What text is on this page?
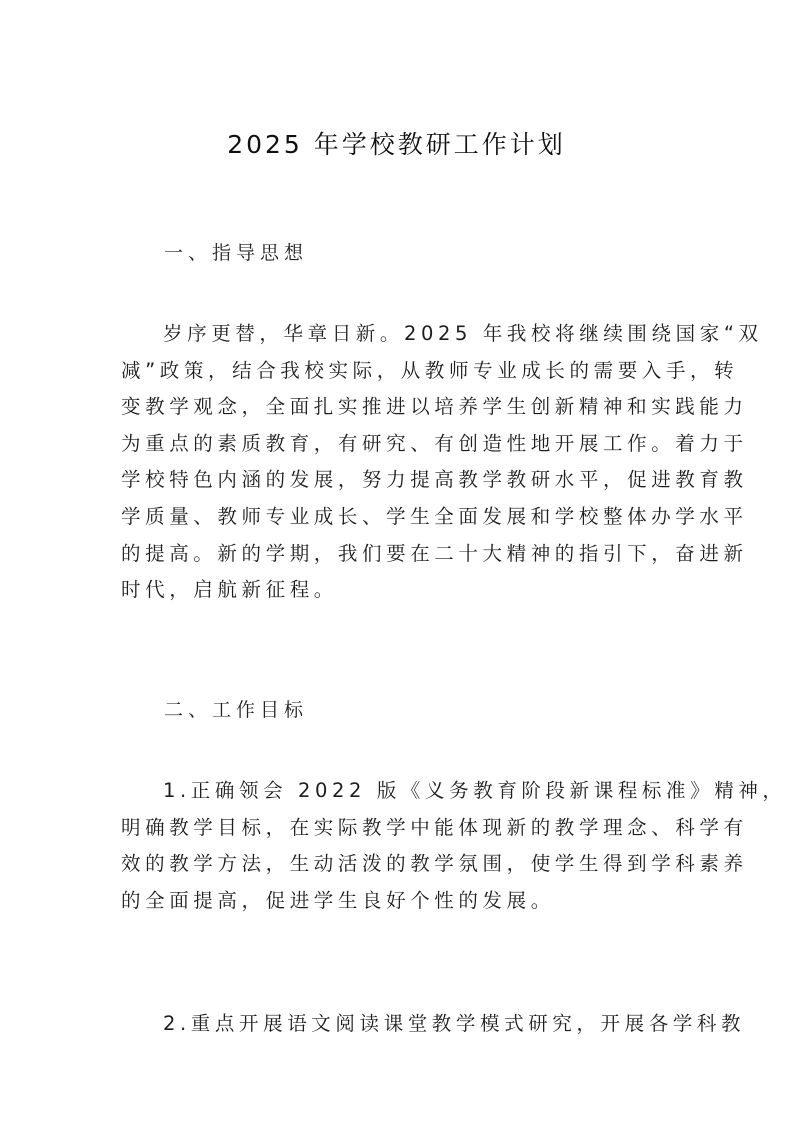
2025 年学校教研工作计划
一、指导思想
岁序更替，华章日新。2025 年我校将继续围绕国家“双
减”政策，结合我校实际，从教师专业成长的需要入手，转
变教学观念，全面扎实推进以培养学生创新精神和实践能力
为重点的素质教育，有研究、有创造性地开展工作。着力于
学校特色内涵的发展，努力提高教学教研水平，促进教育教
学质量、教师专业成长、学生全面发展和学校整体办学水平
的提高。新的学期，我们要在二十大精神的指引下，奋进新
时代，启航新征程。
二、工作目标
1.正确领会 2022 版《义务教育阶段新课程标准》精神，
明确教学目标，在实际教学中能体现新的教学理念、科学有
效的教学方法，生动活泼的教学氛围，使学生得到学科素养
的全面提高，促进学生良好个性的发展。
2.重点开展语文阅读课堂教学模式研究，开展各学科教
